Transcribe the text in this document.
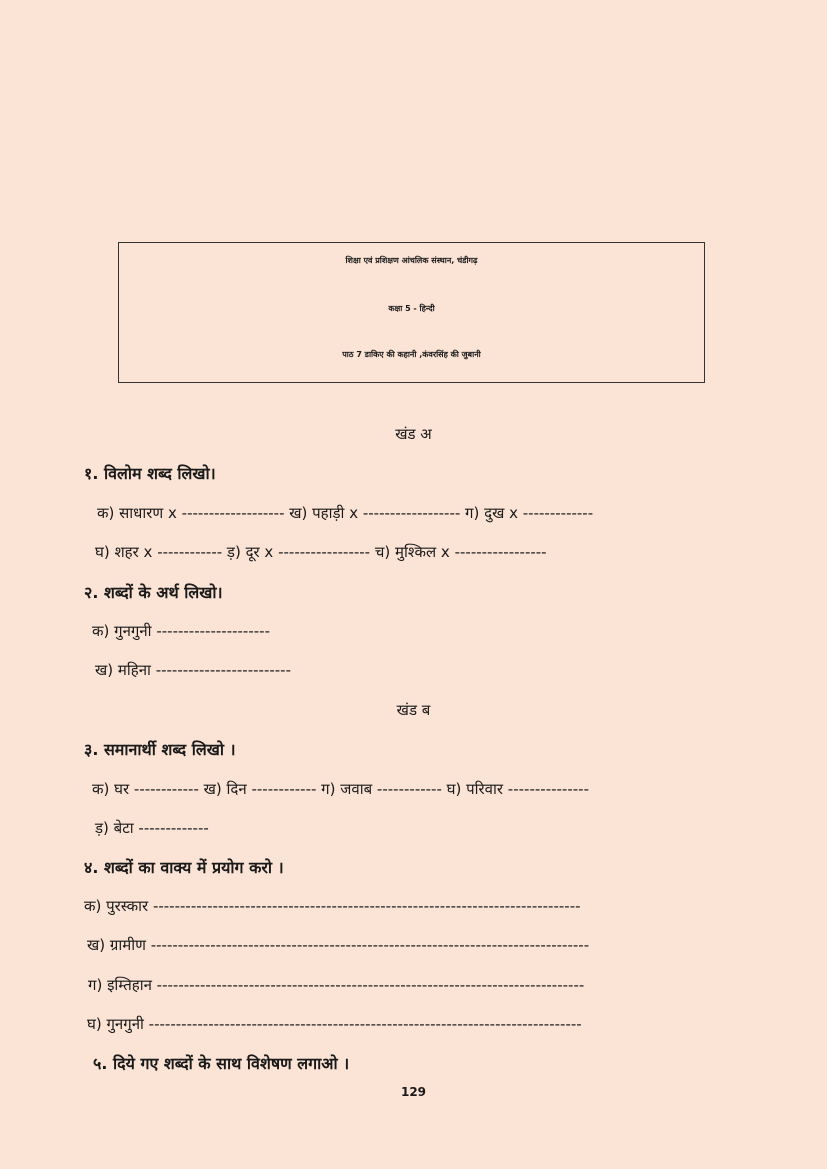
शिक्षा एवं प्रशिक्षण आंचलिक संस्थान, चंडीगढ़
कक्षा 5 - हिन्दी
पाठ 7 डाकिए की कहानी ,कंवरसिंह की जुबानी
खंड अ
१. विलोम शब्द लिखो।
क) साधारण x ------------------- ख) पहाड़ी x ------------------ ग) दुख x -------------
घ) शहर x ------------ ड़) दूर x ----------------- च) मुश्किल x -----------------
२. शब्दों के अर्थ लिखो।
क) गुनगुनी ---------------------
ख) महिना -------------------------
खंड ब
३. समानार्थी शब्द लिखो ।
क) घर ------------ ख) दिन ------------ ग) जवाब ------------ घ) परिवार ---------------
ड़) बेटा -------------
४. शब्दों का वाक्य में प्रयोग करो ।
क) पुरस्कार -------------------------------------------------------------------------------
ख) ग्रामीण ---------------------------------------------------------------------------------
ग) इम्तिहान -------------------------------------------------------------------------------
घ) गुनगुनी --------------------------------------------------------------------------------
५. दिये गए शब्दों के साथ विशेषण लगाओ ।
129
